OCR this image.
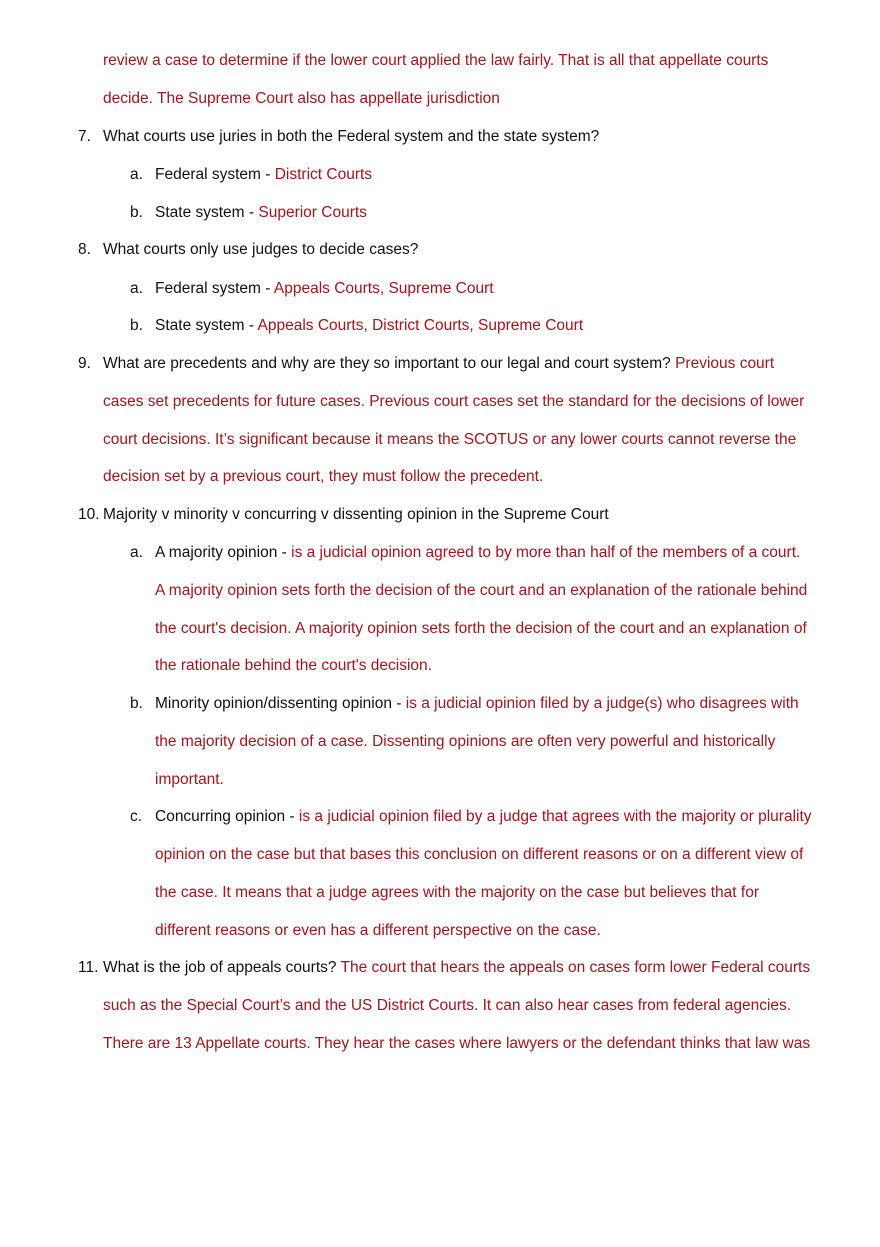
review a case to determine if the lower court applied the law fairly. That is all that appellate courts
decide. The Supreme Court also has appellate jurisdiction
7. What courts use juries in both the Federal system and the state system?
a. Federal system - District Courts
b. State system - Superior Courts
8. What courts only use judges to decide cases?
a. Federal system - Appeals Courts, Supreme Court
b. State system - Appeals Courts, District Courts, Supreme Court
9. What are precedents and why are they so important to our legal and court system? Previous court
cases set precedents for future cases. Previous court cases set the standard for the decisions of lower
court decisions. It’s significant because it means the SCOTUS or any lower courts cannot reverse the
decision set by a previous court, they must follow the precedent.
10. Majority v minority v concurring v dissenting opinion in the Supreme Court
a. A majority opinion - is a judicial opinion agreed to by more than half of the members of a court.
A majority opinion sets forth the decision of the court and an explanation of the rationale behind
the court's decision. A majority opinion sets forth the decision of the court and an explanation of
the rationale behind the court's decision.
b. Minority opinion/dissenting opinion - is a judicial opinion filed by a judge(s) who disagrees with
the majority decision of a case. Dissenting opinions are often very powerful and historically
important.
c. Concurring opinion - is a judicial opinion filed by a judge that agrees with the majority or plurality
opinion on the case but that bases this conclusion on different reasons or on a different view of
the case. It means that a judge agrees with the majority on the case but believes that for
different reasons or even has a different perspective on the case.
11. What is the job of appeals courts? The court that hears the appeals on cases form lower Federal courts
such as the Special Court’s and the US District Courts. It can also hear cases from federal agencies.
There are 13 Appellate courts. They hear the cases where lawyers or the defendant thinks that law was
